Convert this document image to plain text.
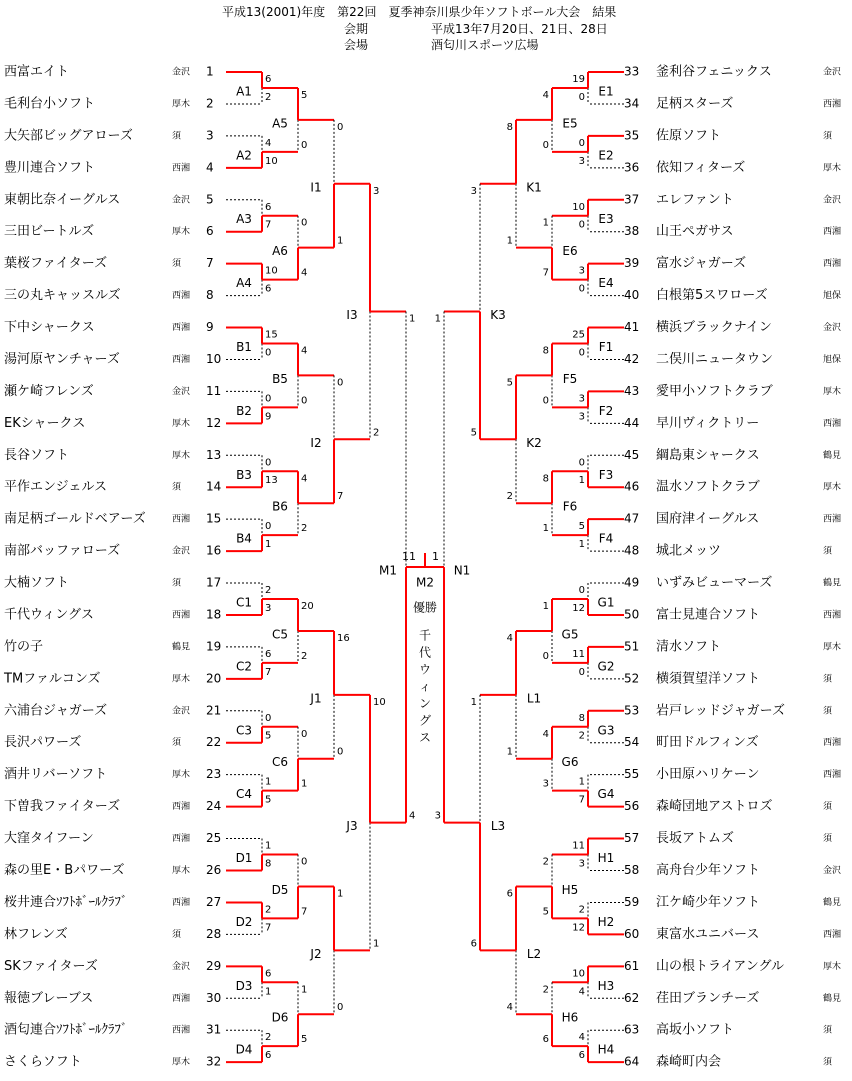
平成13(2001)年度　第22回　夏季神奈川県少年ソフトボール大会　結果
会期	平成13年7月20日、21日、28日
会場	酒匂川スポーツ広場
西富エイト	金沢 1
毛利台小ソフト	厚木 2
大矢部ビッグアローズ	須 3
豊川連合ソフト	西湘 4
東朝比奈イーグルス	金沢 5
三田ビートルズ	厚木 6
葉桜ファイターズ	須 7
三の丸キャッスルズ	西湘 8
下中シャークス	西湘 9
湯河原ヤンチャーズ	西湘 10
瀬ケ崎フレンズ	金沢 11
EKシャークス	厚木 12
長谷ソフト	厚木 13
平作エンジェルス	須 14
南足柄ゴールドベアーズ	西湘 15
南部バッファローズ	金沢 16
大楠ソフト	須 17
千代ウィングス	西湘 18
竹の子	鶴見 19
TMファルコンズ	厚木 20
六浦台ジャガーズ	金沢 21
長沢パワーズ	須 22
酒井リバーソフト	厚木 23
下曽我ファイターズ	西湘 24
大窪タイフーン	西湘 25
森の里E・Bパワーズ	厚木 26
桜井連合ｿﾌﾄﾎﾞｰﾙｸﾗﾌﾞ	西湘 27
林フレンズ	須 28
SKファイターズ	金沢 29
報徳ブレーブス	西湘 30
酒匂連合ｿﾌﾄﾎﾞｰﾙｸﾗﾌﾞ	西湘 31
さくらソフト	厚木 32
33 釜利谷フェニックス	金沢
34 足柄スターズ	西湘
35 佐原ソフト	須
36 依知フィターズ	厚木
37 エレファント	金沢
38 山王ペガサス	西湘
39 富水ジャガーズ	西湘
40 白根第5スワローズ	旭保
41 横浜ブラックナイン	金沢
42 二俣川ニュータウン	旭保
43 愛甲小ソフトクラブ	厚木
44 早川ヴィクトリー	西湘
45 綱島東シャークス	鶴見
46 温水ソフトクラブ	厚木
47 国府津イーグルス	西湘
48 城北メッツ	須
49 いずみビューマーズ	鶴見
50 富士見連合ソフト	西湘
51 清水ソフト	厚木
52 横須賀望洋ソフト	須
53 岩戸レッドジャガーズ	須
54 町田ドルフィンズ	西湘
55 小田原ハリケーン	西湘
56 森崎団地アストロズ	須
57 長坂アトムズ	須
58 高舟台少年ソフト	金沢
59 江ケ崎少年ソフト	鶴見
60 東富水ユニバース	西湘
61 山の根トライアングル	厚木
62 荏田ブランチーズ	鶴見
63 高坂小ソフト	須
64 森崎町内会	須
6
2
A1
4
10
A2
6
7
A3
10
6
A4
15
0
B1
0
9
B2
0
13
B3
0
1
B4
2
3
C1
6
7
C2
0
5
C3
1
5
C4
1
8
D1
2
7
D2
6
1
D3
2
6
D4
5
0
A5
0
4
A6
4
0
B5
4
2
B6
20
2
C5
0
1
C6
0
7
D5
1
5
D6
0
1
I1
0
7
I2
16
0
J1
1
0
J2
3
2
I3
10
1
J3
1
4
M1
19
0 E1
0
3 E2
10
0 E3
3
0 E4
25
0 F1
3
3 F2
0
1 F3
5
1 F4
0
12 G1
11
0 G2
8
2 G3
1
7 G4
11
3 H1
2
12 H2
10
4 H3
4
6 H4
4
0
E5
1
7
E6
8
0
F5
8
1
F6
1
0
G5
4
3
G6
2
5
H5
2
6
H6
8
1
K1
5
2
K2
4
1
L1
6
4
L2
3
5
K3
1
6
L3
1
3
N1
11 1
M2
優勝
千
代
ウ
ィ
ン
グ
ス
